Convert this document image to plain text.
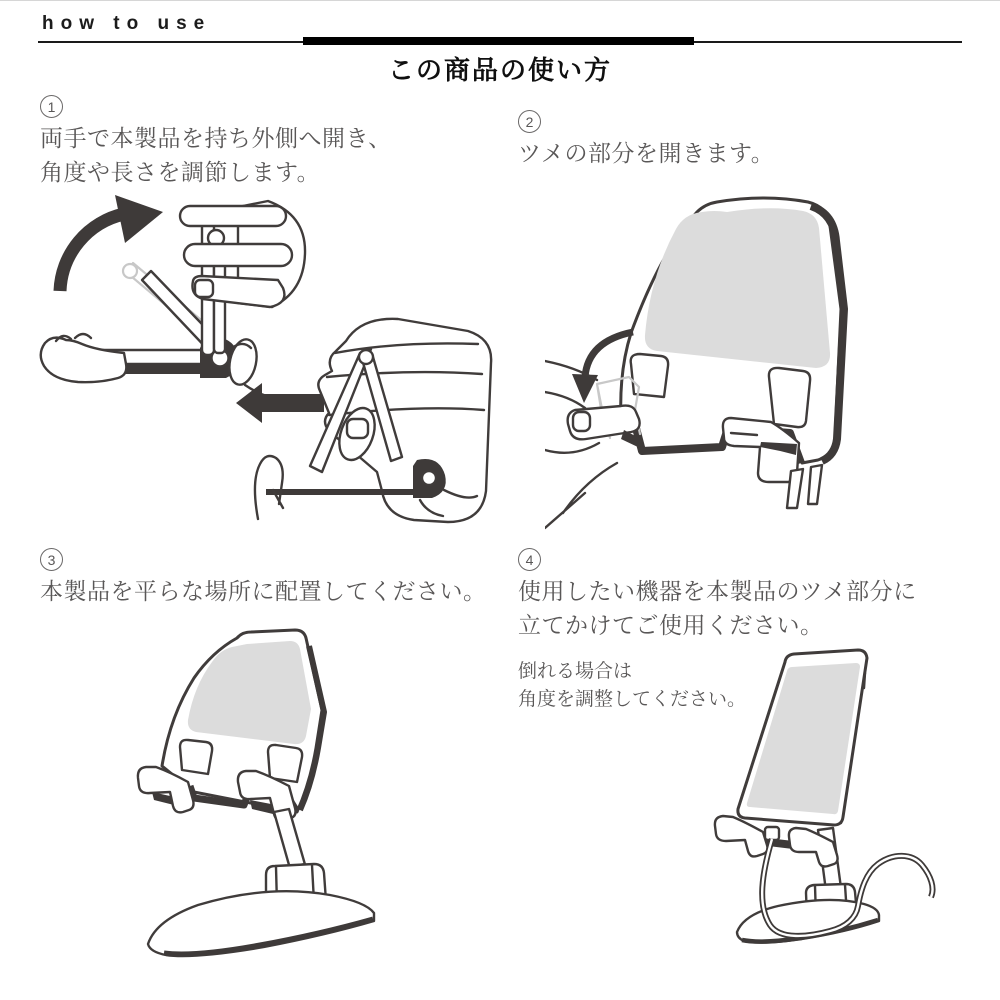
how to use
この商品の使い方
1
両手で本製品を持ち外側へ開き、
角度や長さを調節します。
2
ツメの部分を開きます。
3
本製品を平らな場所に配置してください。
4
使用したい機器を本製品のツメ部分に
立てかけてご使用ください。
倒れる場合は
角度を調整してください。
